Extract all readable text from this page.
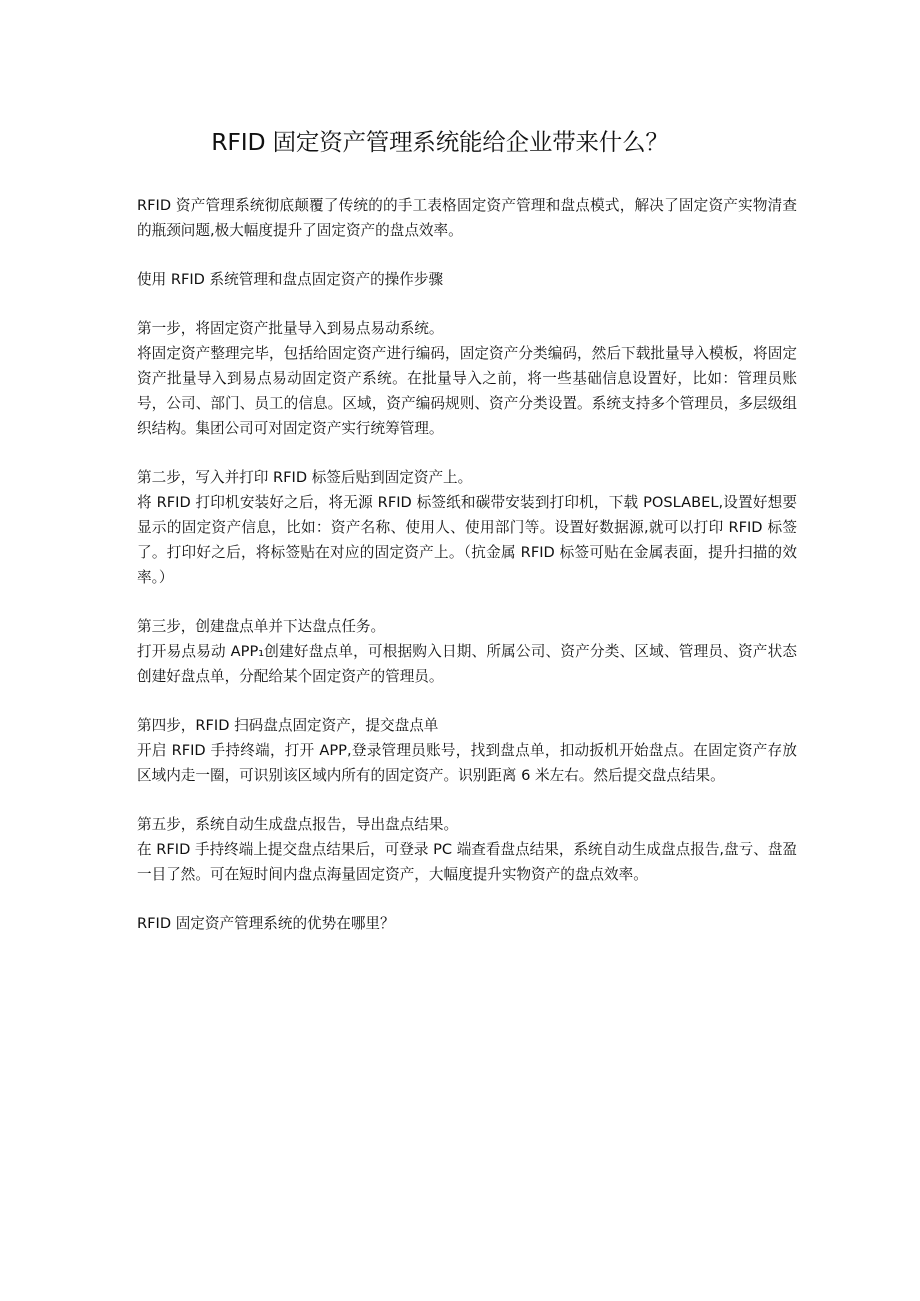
RFID 固定资产管理系统能给企业带来什么？

RFID 资产管理系统彻底颠覆了传统的的手工表格固定资产管理和盘点模式，解决了固定资产实物清查的瓶颈问题,极大幅度提升了固定资产的盘点效率。

使用 RFID 系统管理和盘点固定资产的操作步骤

第一步，将固定资产批量导入到易点易动系统。

将固定资产整理完毕，包括给固定资产进行编码，固定资产分类编码，然后下载批量导入模板，将固定资产批量导入到易点易动固定资产系统。在批量导入之前，将一些基础信息设置好，比如：管理员账号，公司、部门、员工的信息。区域，资产编码规则、资产分类设置。系统支持多个管理员，多层级组织结构。集团公司可对固定资产实行统筹管理。

第二步，写入并打印 RFID 标签后贴到固定资产上。

将 RFID 打印机安装好之后，将无源 RFID 标签纸和碳带安装到打印机，下载 POSLABEL,设置好想要显示的固定资产信息，比如：资产名称、使用人、使用部门等。设置好数据源,就可以打印 RFID 标签了。打印好之后，将标签贴在对应的固定资产上。（抗金属 RFID 标签可贴在金属表面，提升扫描的效率。）

第三步，创建盘点单并下达盘点任务。

打开易点易动 APP₁创建好盘点单，可根据购入日期、所属公司、资产分类、区域、管理员、资产状态创建好盘点单，分配给某个固定资产的管理员。

第四步，RFID 扫码盘点固定资产，提交盘点单

开启 RFID 手持终端，打开 APP,登录管理员账号，找到盘点单，扣动扳机开始盘点。在固定资产存放区域内走一圈，可识别该区域内所有的固定资产。识别距离 6 米左右。然后提交盘点结果。

第五步，系统自动生成盘点报告，导出盘点结果。

在 RFID 手持终端上提交盘点结果后，可登录 PC 端查看盘点结果，系统自动生成盘点报告,盘亏、盘盈一目了然。可在短时间内盘点海量固定资产，大幅度提升实物资产的盘点效率。

RFID 固定资产管理系统的优势在哪里？
